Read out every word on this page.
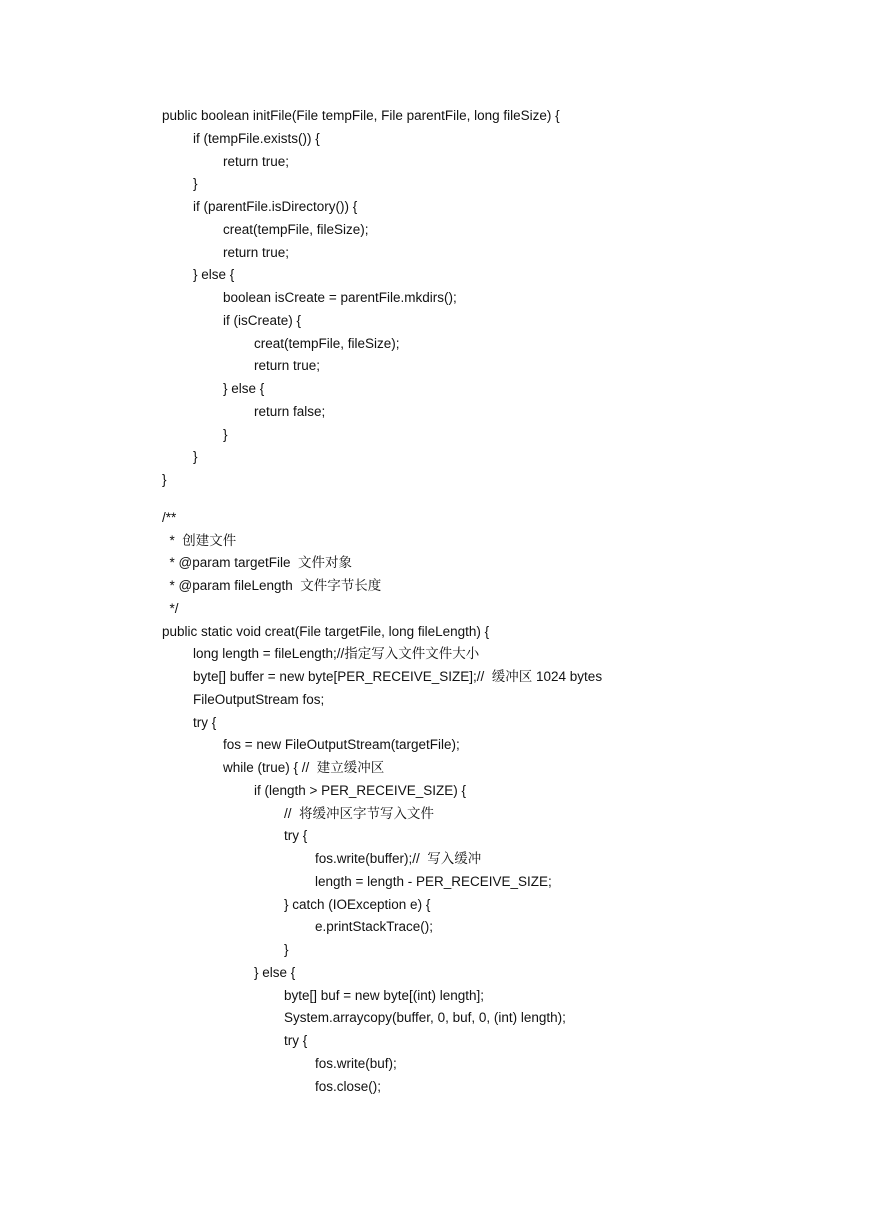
public boolean initFile(File tempFile, File parentFile, long fileSize) {
if (tempFile.exists()) {
return true;
}
if (parentFile.isDirectory()) {
creat(tempFile, fileSize);
return true;
} else {
boolean isCreate = parentFile.mkdirs();
if (isCreate) {
creat(tempFile, fileSize);
return true;
} else {
return false;
}
}
}
/**
*  创建文件
* @param targetFile  文件对象
* @param fileLength  文件字节长度
*/
public static void creat(File targetFile, long fileLength) {
long length = fileLength;//指定写入文件文件大小
byte[] buffer = new byte[PER_RECEIVE_SIZE];//  缓冲区 1024 bytes
FileOutputStream fos;
try {
fos = new FileOutputStream(targetFile);
while (true) { //  建立缓冲区
if (length > PER_RECEIVE_SIZE) {
//  将缓冲区字节写入文件
try {
fos.write(buffer);//  写入缓冲
length = length - PER_RECEIVE_SIZE;
} catch (IOException e) {
e.printStackTrace();
}
} else {
byte[] buf = new byte[(int) length];
System.arraycopy(buffer, 0, buf, 0, (int) length);
try {
fos.write(buf);
fos.close();
